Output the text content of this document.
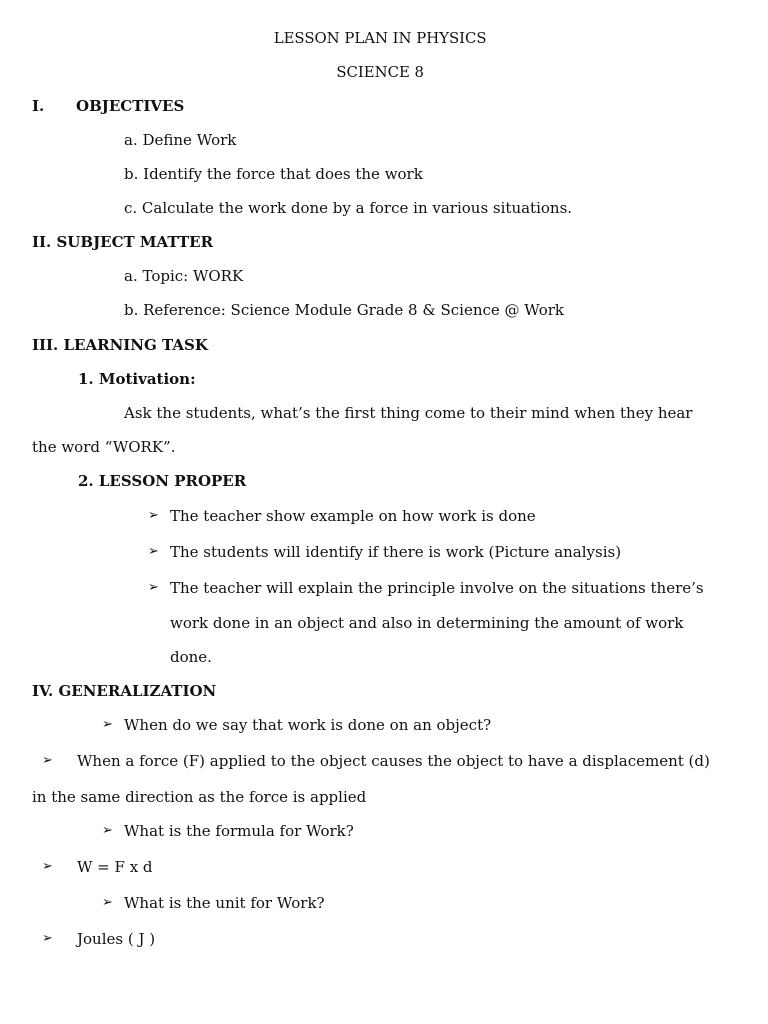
LESSON PLAN IN PHYSICS
SCIENCE 8
I. OBJECTIVES
a. Define Work
b. Identify the force that does the work
c. Calculate the work done by a force in various situations.
II. SUBJECT MATTER
a. Topic: WORK
b. Reference: Science Module Grade 8 & Science @ Work
III. LEARNING TASK
1. Motivation:
Ask the students, what’s the first thing come to their mind when they hear
the word “WORK”.
2. LESSON PROPER
➢ The teacher show example on how work is done
➢ The students will identify if there is work (Picture analysis)
➢ The teacher will explain the principle involve on the situations there’s
work done in an object and also in determining the amount of work
done.
IV. GENERALIZATION
➢ When do we say that work is done on an object?
➢ When a force (F) applied to the object causes the object to have a displacement (d)
in the same direction as the force is applied
➢ What is the formula for Work?
➢ W = F x d
➢ What is the unit for Work?
➢ Joules ( J )
